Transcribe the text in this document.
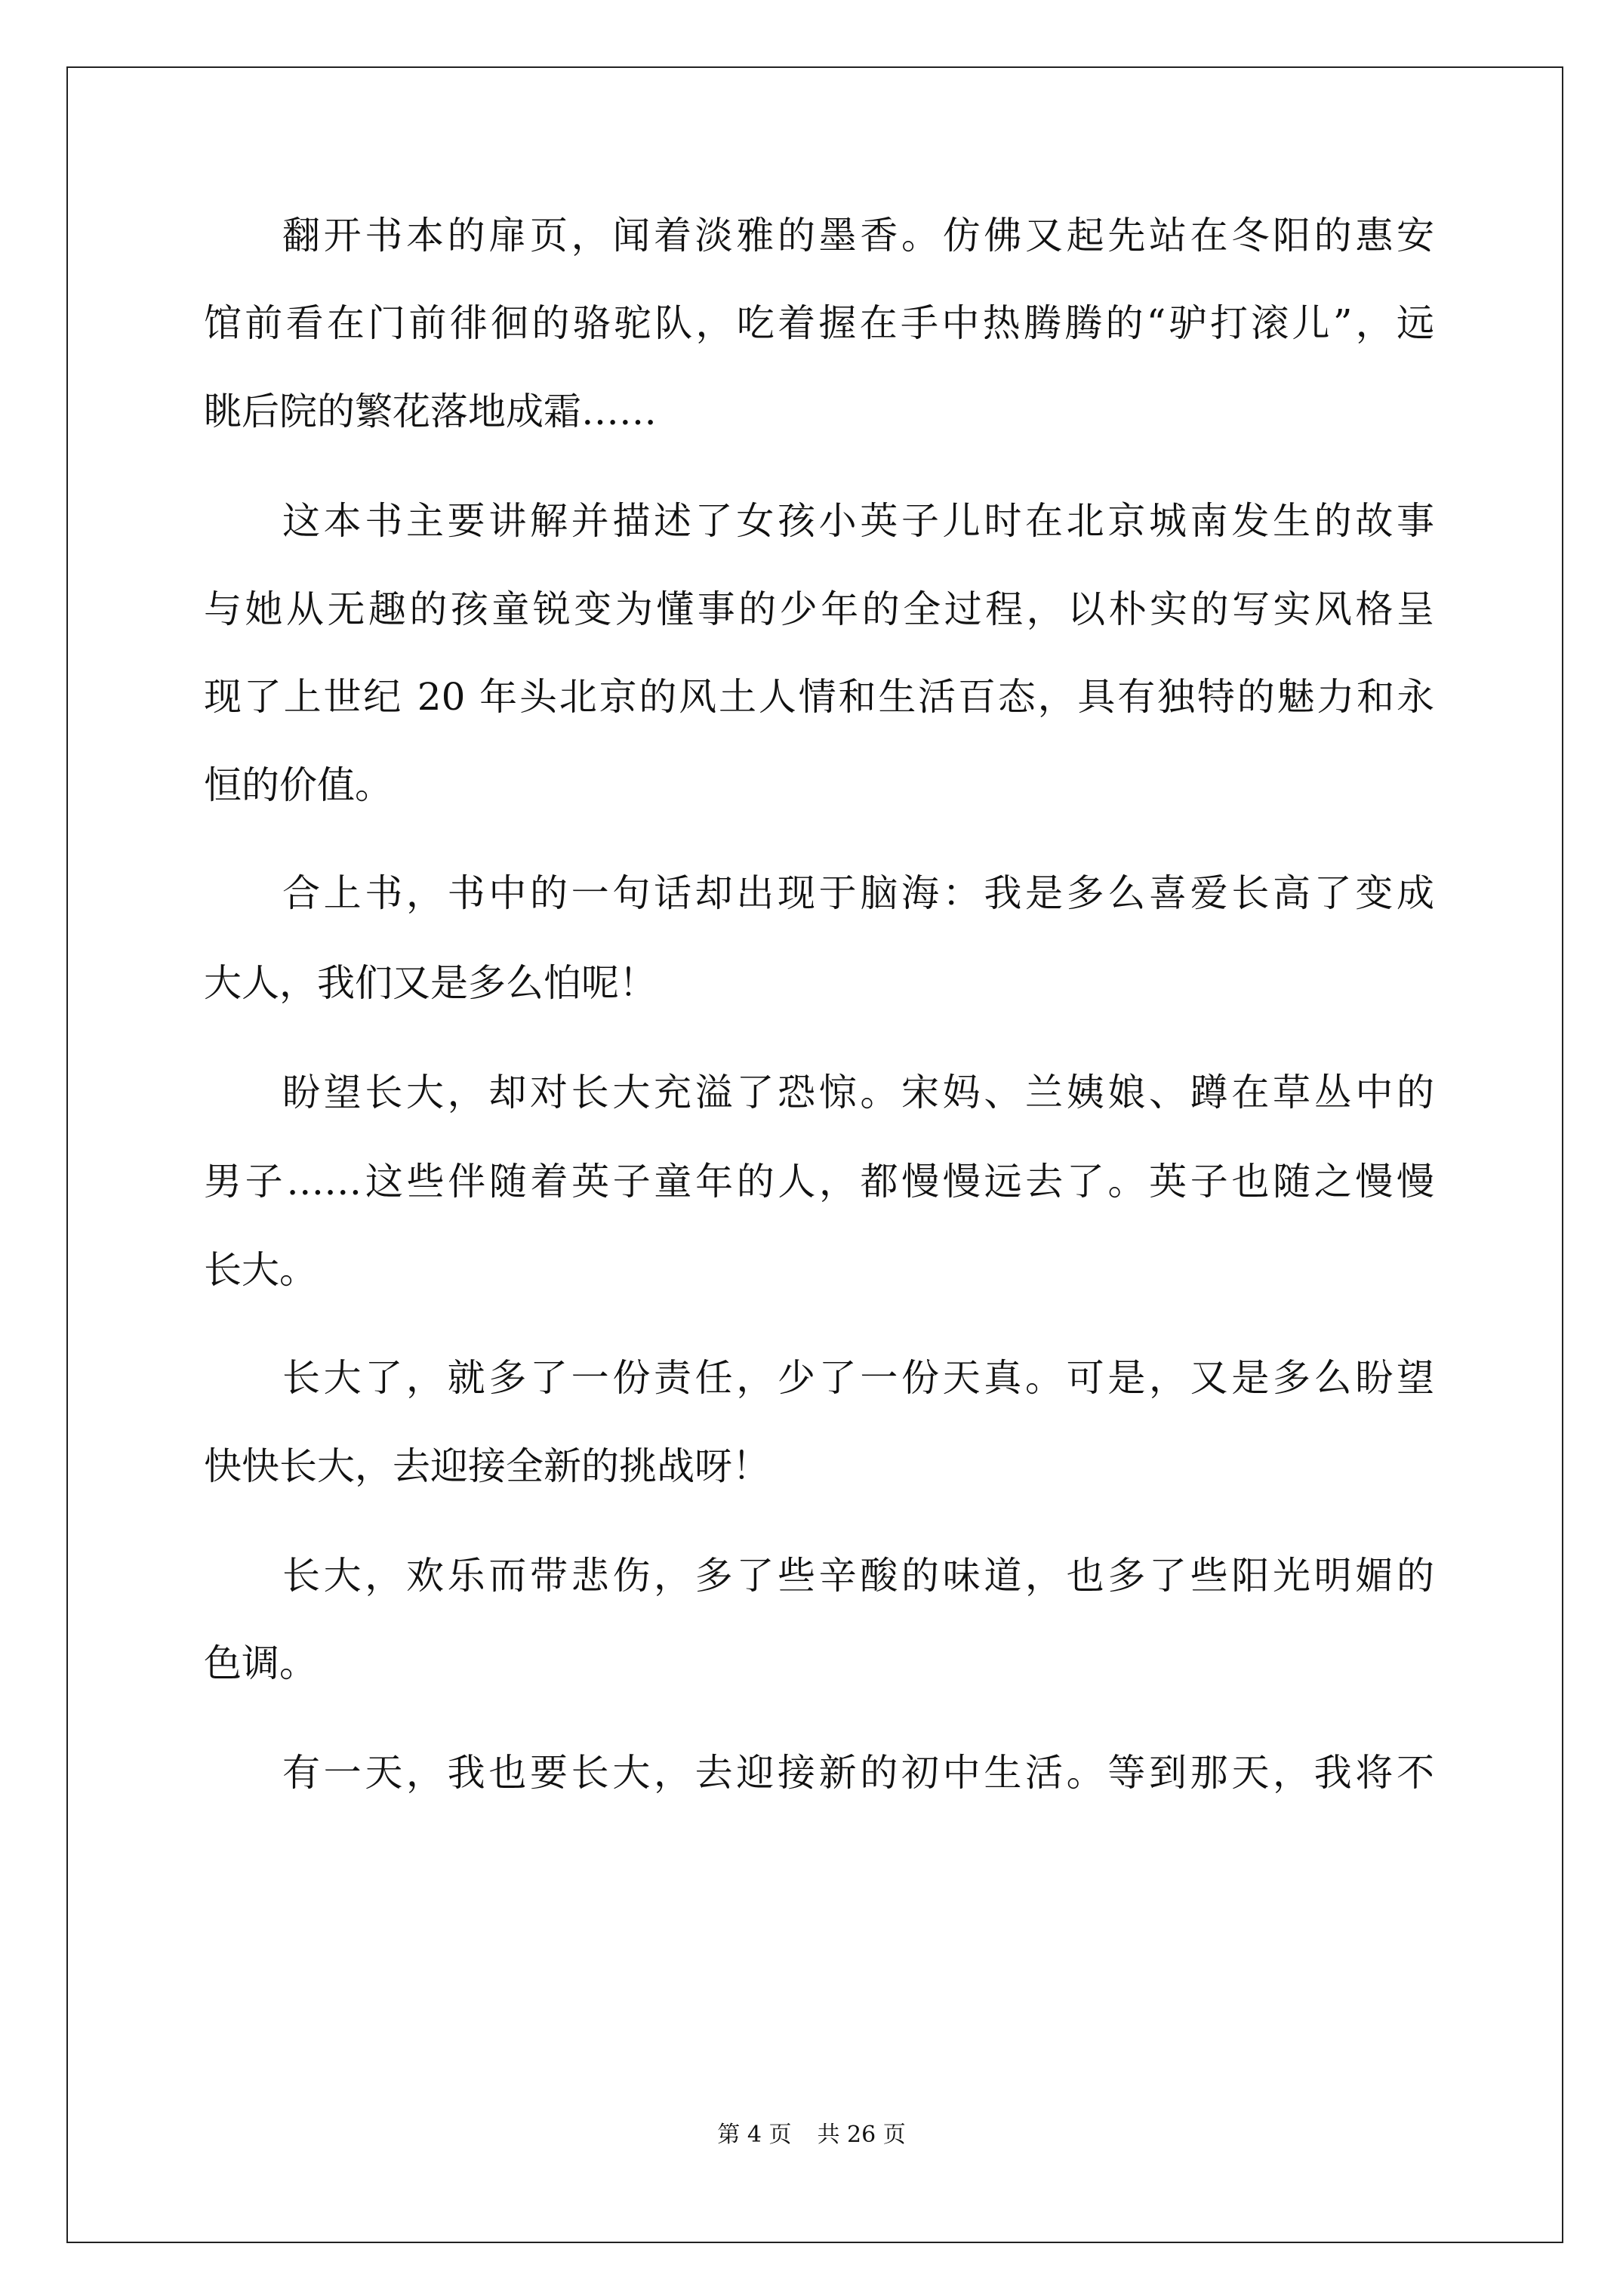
翻开书本的扉页，闻着淡雅的墨香。仿佛又起先站在冬阳的惠安
馆前看在门前徘徊的骆驼队，吃着握在手中热腾腾的“驴打滚儿”，远
眺后院的繁花落地成霜……
这本书主要讲解并描述了女孩小英子儿时在北京城南发生的故事
与她从无趣的孩童锐变为懂事的少年的全过程，以朴实的写实风格呈
现了上世纪 20 年头北京的风土人情和生活百态，具有独特的魅力和永
恒的价值。
合上书，书中的一句话却出现于脑海：我是多么喜爱长高了变成
大人，我们又是多么怕呢！
盼望长大，却对长大充溢了恐惊。宋妈、兰姨娘、蹲在草丛中的
男子……这些伴随着英子童年的人，都慢慢远去了。英子也随之慢慢
长大。
长大了，就多了一份责任，少了一份天真。可是，又是多么盼望
快快长大，去迎接全新的挑战呀！
长大，欢乐而带悲伤，多了些辛酸的味道，也多了些阳光明媚的
色调。
有一天，我也要长大，去迎接新的初中生活。等到那天，我将不
第 4 页 共 26 页
